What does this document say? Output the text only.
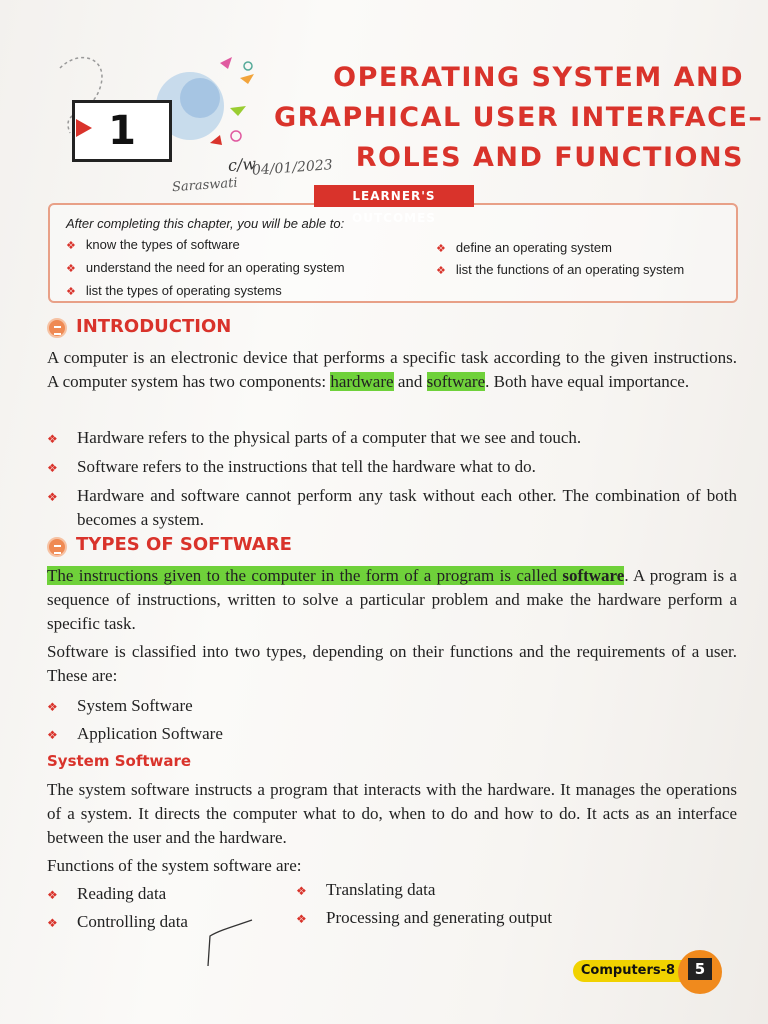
1
OPERATING SYSTEM AND
GRAPHICAL USER INTERFACE–
ROLES AND FUNCTIONS
c/w
04/01/2023
Saraswati
LEARNER'S OUTCOMES
After completing this chapter, you will be able to:
❖ know the types of software
❖ understand the need for an operating system
❖ list the types of operating systems
❖ define an operating system
❖ list the functions of an operating system
INTRODUCTION
A computer is an electronic device that performs a specific task according to the given instructions. A computer system has two components: hardware and software. Both have equal importance.
❖ Hardware refers to the physical parts of a computer that we see and touch.
❖ Software refers to the instructions that tell the hardware what to do.
❖ Hardware and software cannot perform any task without each other. The combination of both becomes a system.
TYPES OF SOFTWARE
The instructions given to the computer in the form of a program is called software. A program is a sequence of instructions, written to solve a particular problem and make the hardware perform a specific task.
Software is classified into two types, depending on their functions and the requirements of a user. These are:
❖ System Software
❖ Application Software
System Software
The system software instructs a program that interacts with the hardware. It manages the operations of a system. It directs the computer what to do, when to do and how to do. It acts as an interface between the user and the hardware.
Functions of the system software are:
❖ Reading data
❖ Controlling data
❖ Translating data
❖ Processing and generating output
Computers-8	5
